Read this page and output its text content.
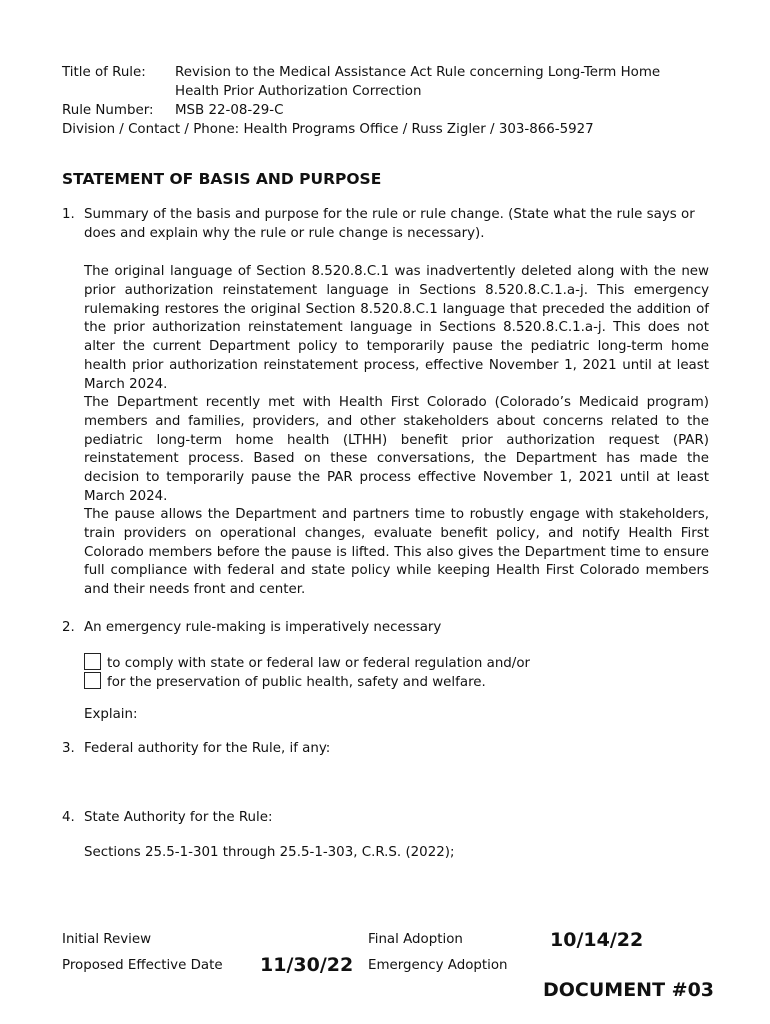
Title of Rule: Revision to the Medical Assistance Act Rule concerning Long-Term Home
Health Prior Authorization Correction
Rule Number: MSB 22-08-29-C
Division / Contact / Phone: Health Programs Office / Russ Zigler / 303-866-5927
STATEMENT OF BASIS AND PURPOSE
1. Summary of the basis and purpose for the rule or rule change. (State what the rule says or
does and explain why the rule or rule change is necessary).
The original language of Section 8.520.8.C.1 was inadvertently deleted along with the new prior authorization reinstatement language in Sections 8.520.8.C.1.a-j. This emergency rulemaking restores the original Section 8.520.8.C.1 language that preceded the addition of the prior authorization reinstatement language in Sections 8.520.8.C.1.a-j. This does not alter the current Department policy to temporarily pause the pediatric long-term home health prior authorization reinstatement process, effective November 1, 2021 until at least March 2024.
The Department recently met with Health First Colorado (Colorado’s Medicaid program) members and families, providers, and other stakeholders about concerns related to the pediatric long-term home health (LTHH) benefit prior authorization request (PAR) reinstatement process. Based on these conversations, the Department has made the decision to temporarily pause the PAR process effective November 1, 2021 until at least March 2024.
The pause allows the Department and partners time to robustly engage with stakeholders, train providers on operational changes, evaluate benefit policy, and notify Health First Colorado members before the pause is lifted. This also gives the Department time to ensure full compliance with federal and state policy while keeping Health First Colorado members and their needs front and center.
2. An emergency rule-making is imperatively necessary
to comply with state or federal law or federal regulation and/or
for the preservation of public health, safety and welfare.
Explain:
3. Federal authority for the Rule, if any:
4. State Authority for the Rule:
Sections 25.5-1-301 through 25.5-1-303, C.R.S. (2022);
Initial Review	Final Adoption	10/14/22
Proposed Effective Date 11/30/22 Emergency Adoption
DOCUMENT #03
